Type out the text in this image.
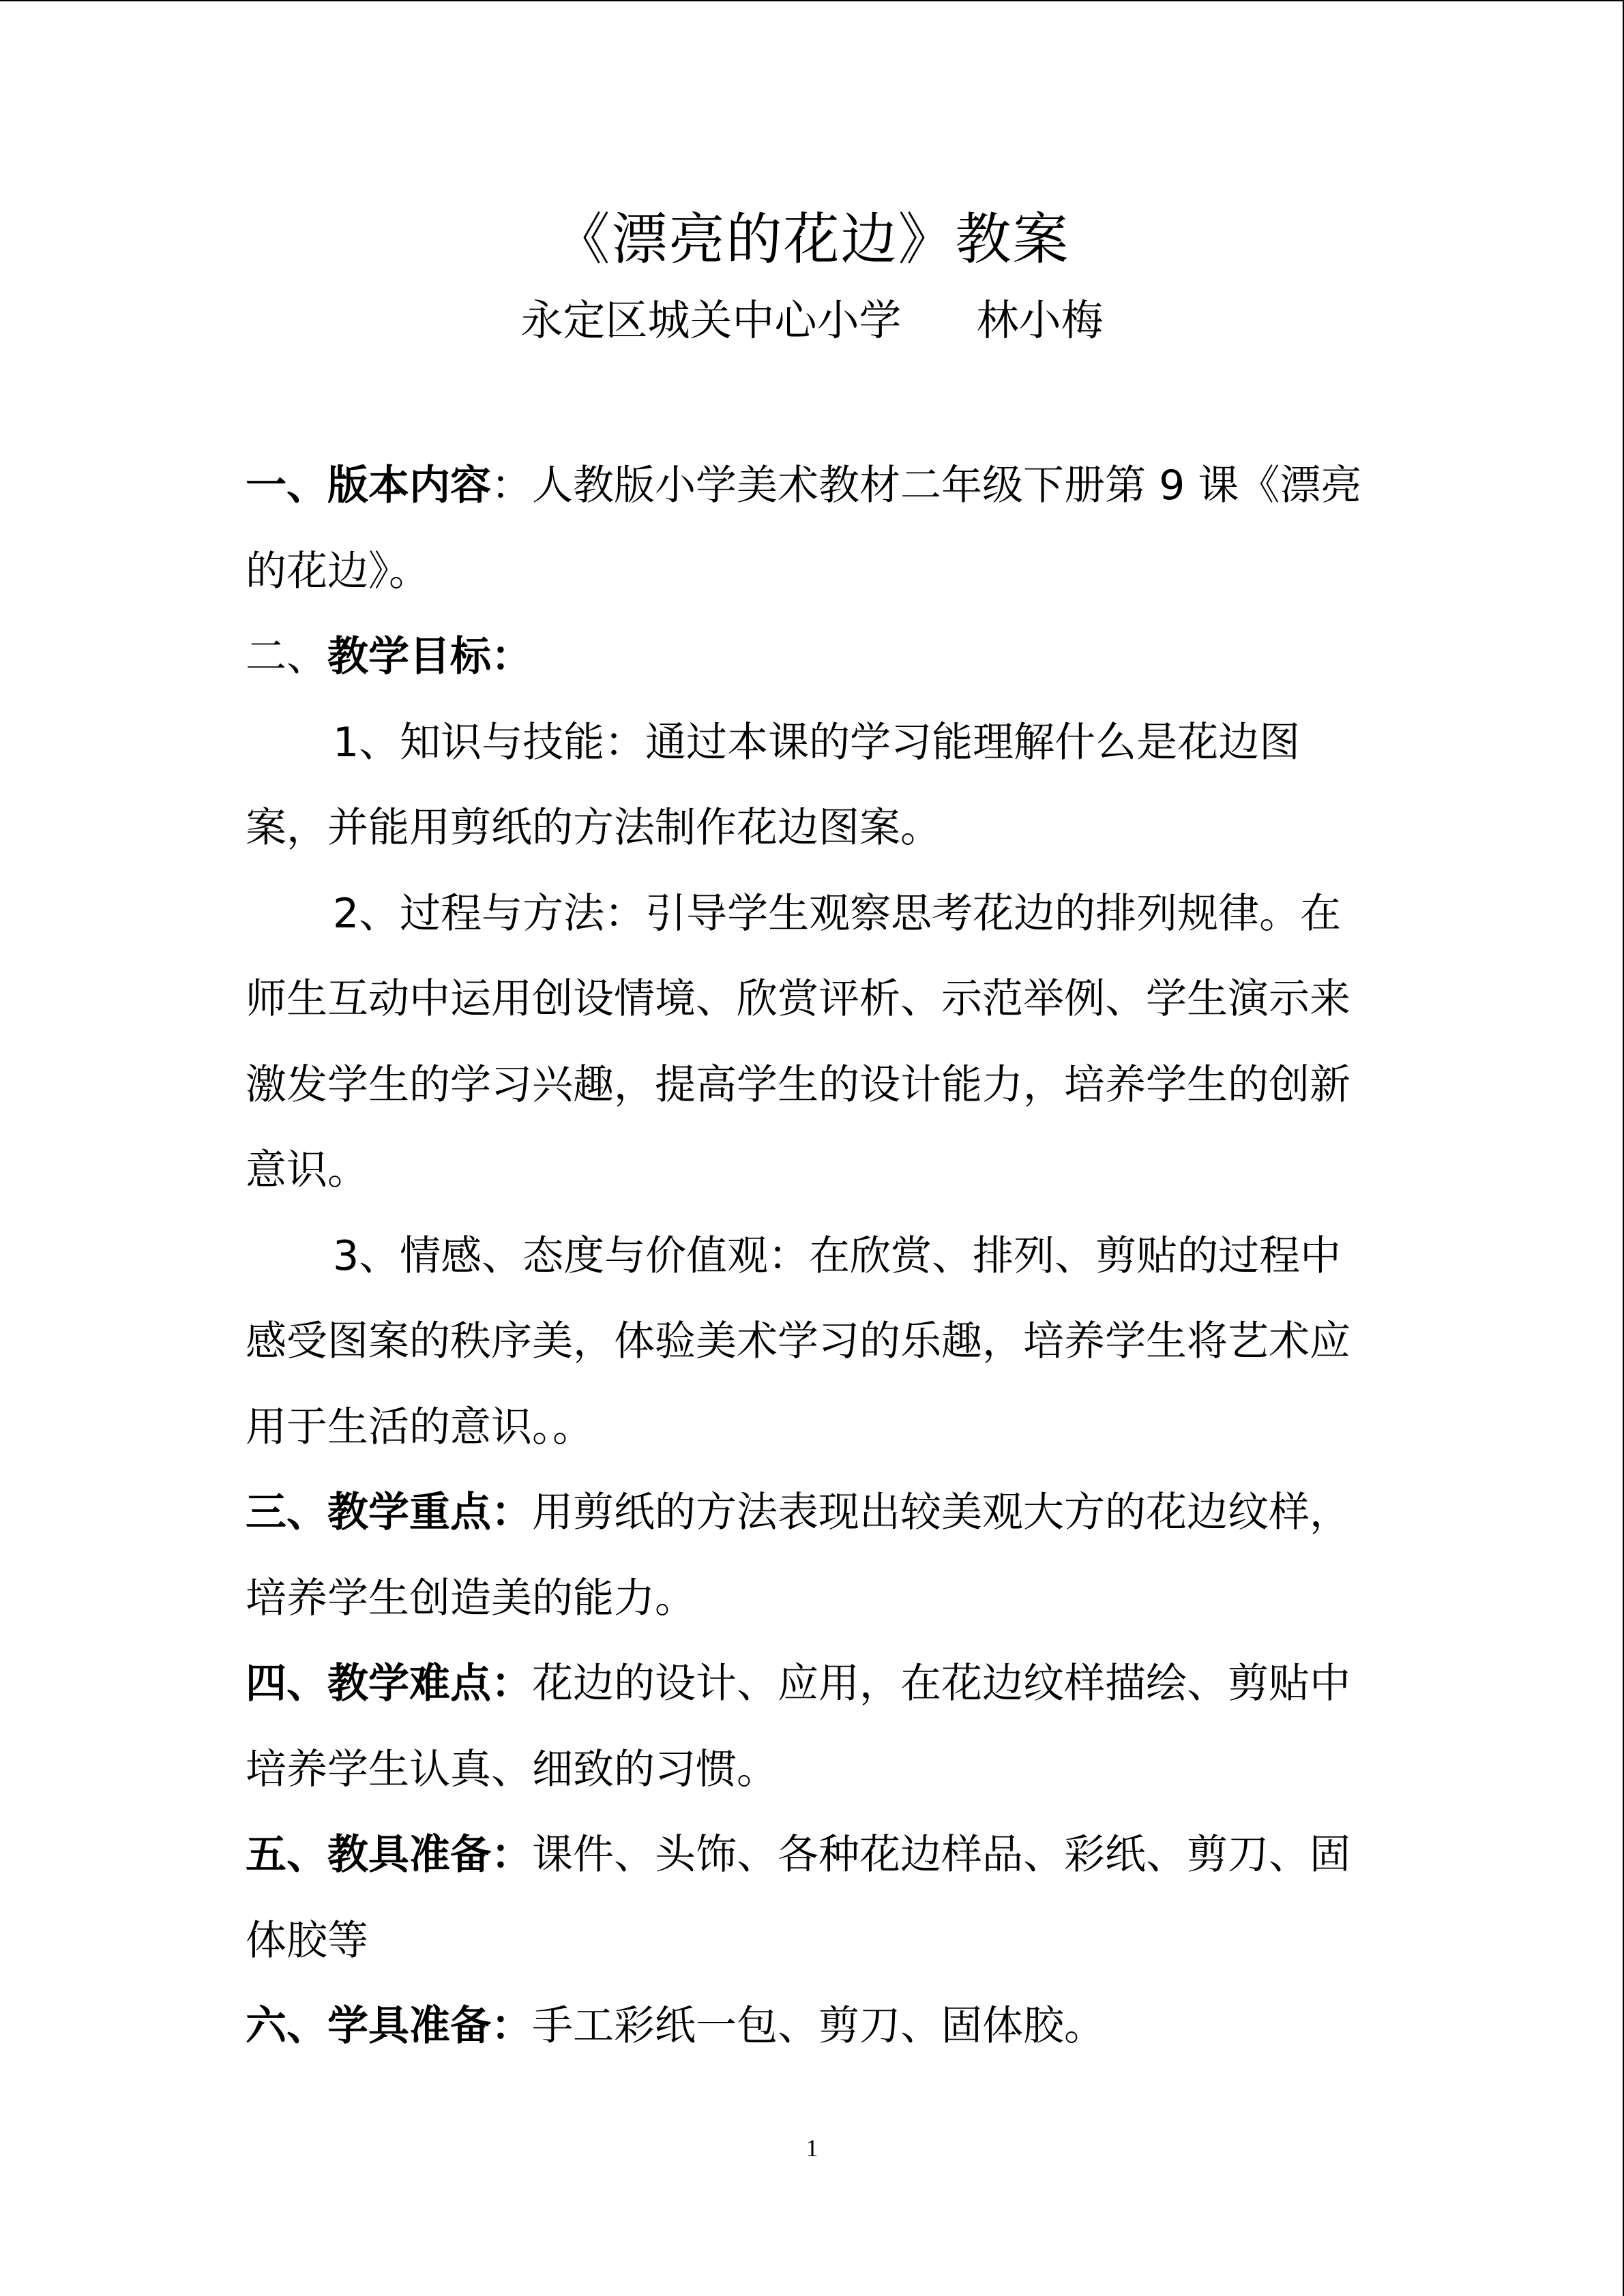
《漂亮的花边》教案
永定区城关中心小学 林小梅

一、版本内容：人教版小学美术教材二年级下册第 9 课《漂亮的花边》。

二、教学目标：

1、知识与技能：通过本课的学习能理解什么是花边图案，并能用剪纸的方法制作花边图案。

2、过程与方法：引导学生观察思考花边的排列规律。在师生互动中运用创设情境、欣赏评析、示范举例、学生演示来激发学生的学习兴趣，提高学生的设计能力，培养学生的创新意识。

3、情感、态度与价值观：在欣赏、排列、剪贴的过程中感受图案的秩序美，体验美术学习的乐趣，培养学生将艺术应用于生活的意识。。

三、教学重点：用剪纸的方法表现出较美观大方的花边纹样，培养学生创造美的能力。

四、教学难点：花边的设计、应用，在花边纹样描绘、剪贴中培养学生认真、细致的习惯。

五、教具准备：课件、头饰、各种花边样品、彩纸、剪刀、固体胶等

六、学具准备：手工彩纸一包、剪刀、固体胶。

1
